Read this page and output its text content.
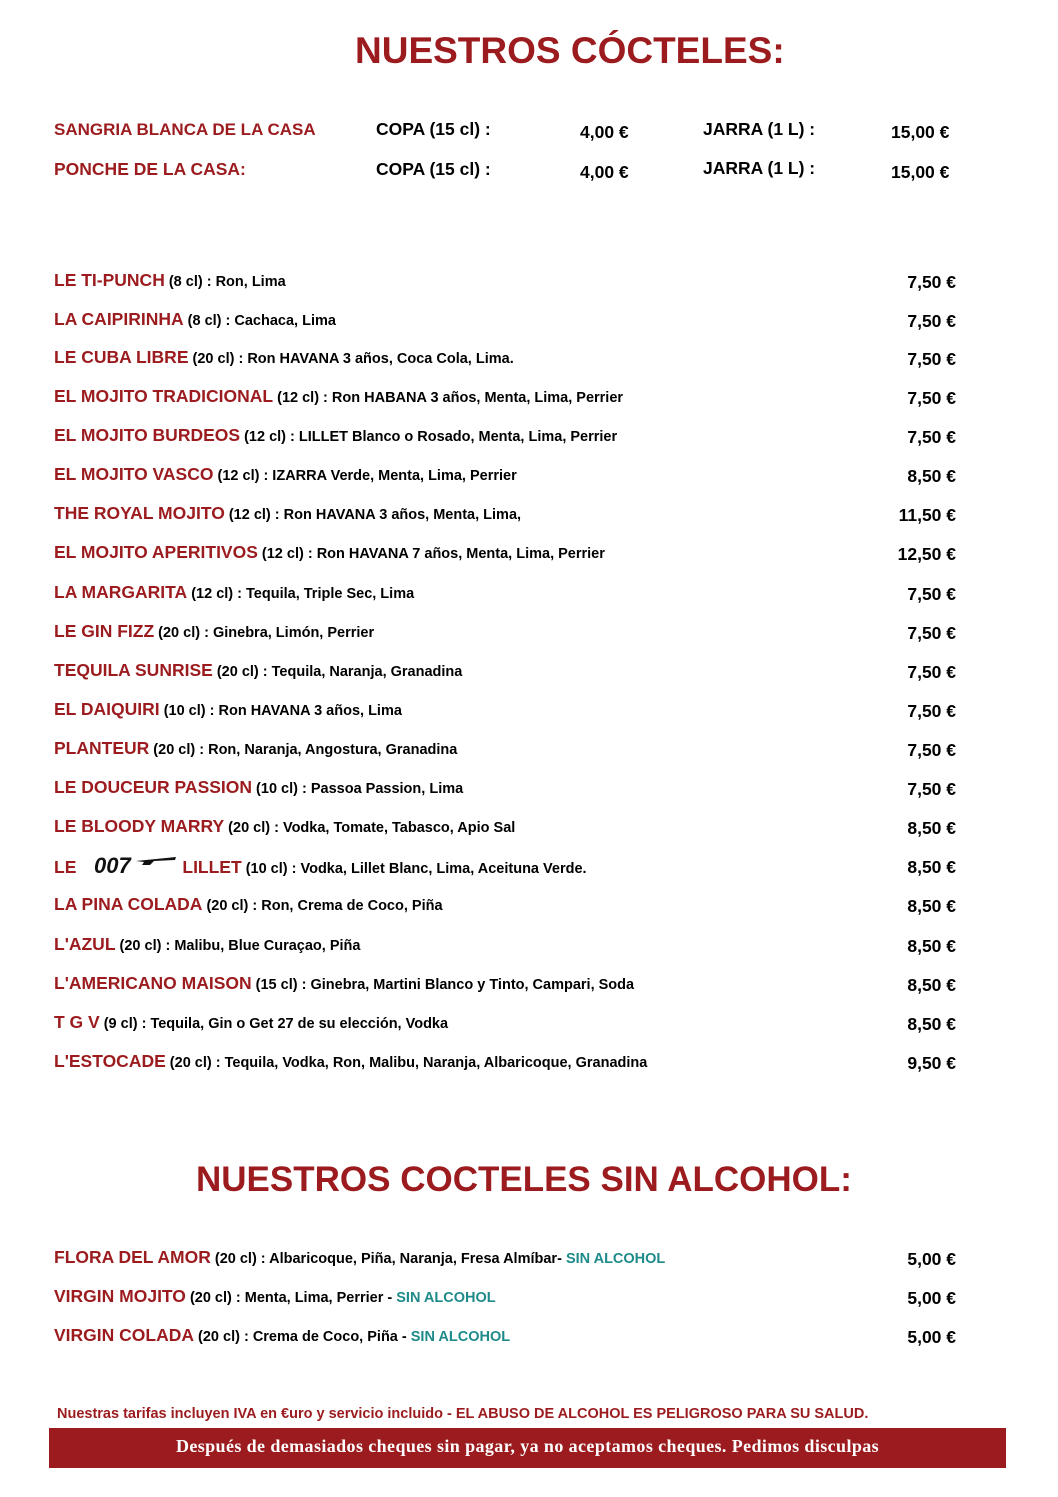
NUESTROS CÓCTELES:
SANGRIA BLANCA DE LA CASA	COPA (15 cl) :	4,00 €	JARRA (1 L) :	15,00 €
PONCHE DE LA CASA:	COPA (15 cl) :	4,00 €	JARRA (1 L) :	15,00 €
LE TI-PUNCH (8 cl) : Ron, Lima	7,50 €
LA CAIPIRINHA (8 cl) : Cachaca, Lima	7,50 €
LE CUBA LIBRE (20 cl) : Ron HAVANA 3 años, Coca Cola, Lima.	7,50 €
EL MOJITO TRADICIONAL (12 cl) : Ron HABANA 3 años, Menta, Lima, Perrier	7,50 €
EL MOJITO BURDEOS (12 cl) : LILLET Blanco o Rosado, Menta, Lima, Perrier	7,50 €
EL MOJITO VASCO (12 cl) : IZARRA Verde, Menta, Lima, Perrier	8,50 €
THE ROYAL MOJITO (12 cl) : Ron HAVANA 3 años, Menta, Lima,	11,50 €
EL MOJITO APERITIVOS (12 cl) : Ron HAVANA 7 años, Menta, Lima, Perrier	12,50 €
LA MARGARITA (12 cl) : Tequila, Triple Sec, Lima	7,50 €
LE GIN FIZZ (20 cl) : Ginebra, Limón, Perrier	7,50 €
TEQUILA SUNRISE (20 cl) : Tequila, Naranja, Granadina	7,50 €
EL DAIQUIRI (10 cl) : Ron HAVANA 3 años, Lima	7,50 €
PLANTEUR (20 cl) : Ron, Naranja, Angostura, Granadina	7,50 €
LE DOUCEUR PASSION (10 cl) : Passoa Passion, Lima	7,50 €
LE BLOODY MARRY (20 cl) : Vodka, Tomate, Tabasco, Apio Sal	8,50 €
LE 007	LILLET (10 cl) : Vodka, Lillet Blanc, Lima, Aceituna Verde.	8,50 €
LA PINA COLADA (20 cl) : Ron, Crema de Coco, Piña	8,50 €
L'AZUL (20 cl) : Malibu, Blue Curaçao, Piña	8,50 €
L'AMERICANO MAISON (15 cl) : Ginebra, Martini Blanco y Tinto, Campari, Soda	8,50 €
T G V (9 cl) : Tequila, Gin o Get 27 de su elección, Vodka	8,50 €
L'ESTOCADE (20 cl) : Tequila, Vodka, Ron, Malibu, Naranja, Albaricoque, Granadina	9,50 €
NUESTROS COCTELES SIN ALCOHOL:
FLORA DEL AMOR (20 cl) : Albaricoque, Piña, Naranja, Fresa Almíbar- SIN ALCOHOL	5,00 €
VIRGIN MOJITO (20 cl) : Menta, Lima, Perrier - SIN ALCOHOL	5,00 €
VIRGIN COLADA (20 cl) : Crema de Coco, Piña - SIN ALCOHOL	5,00 €
Nuestras tarifas incluyen IVA en €uro y servicio incluido - EL ABUSO DE ALCOHOL ES PELIGROSO PARA SU SALUD.
Después de demasiados cheques sin pagar, ya no aceptamos cheques. Pedimos disculpas
